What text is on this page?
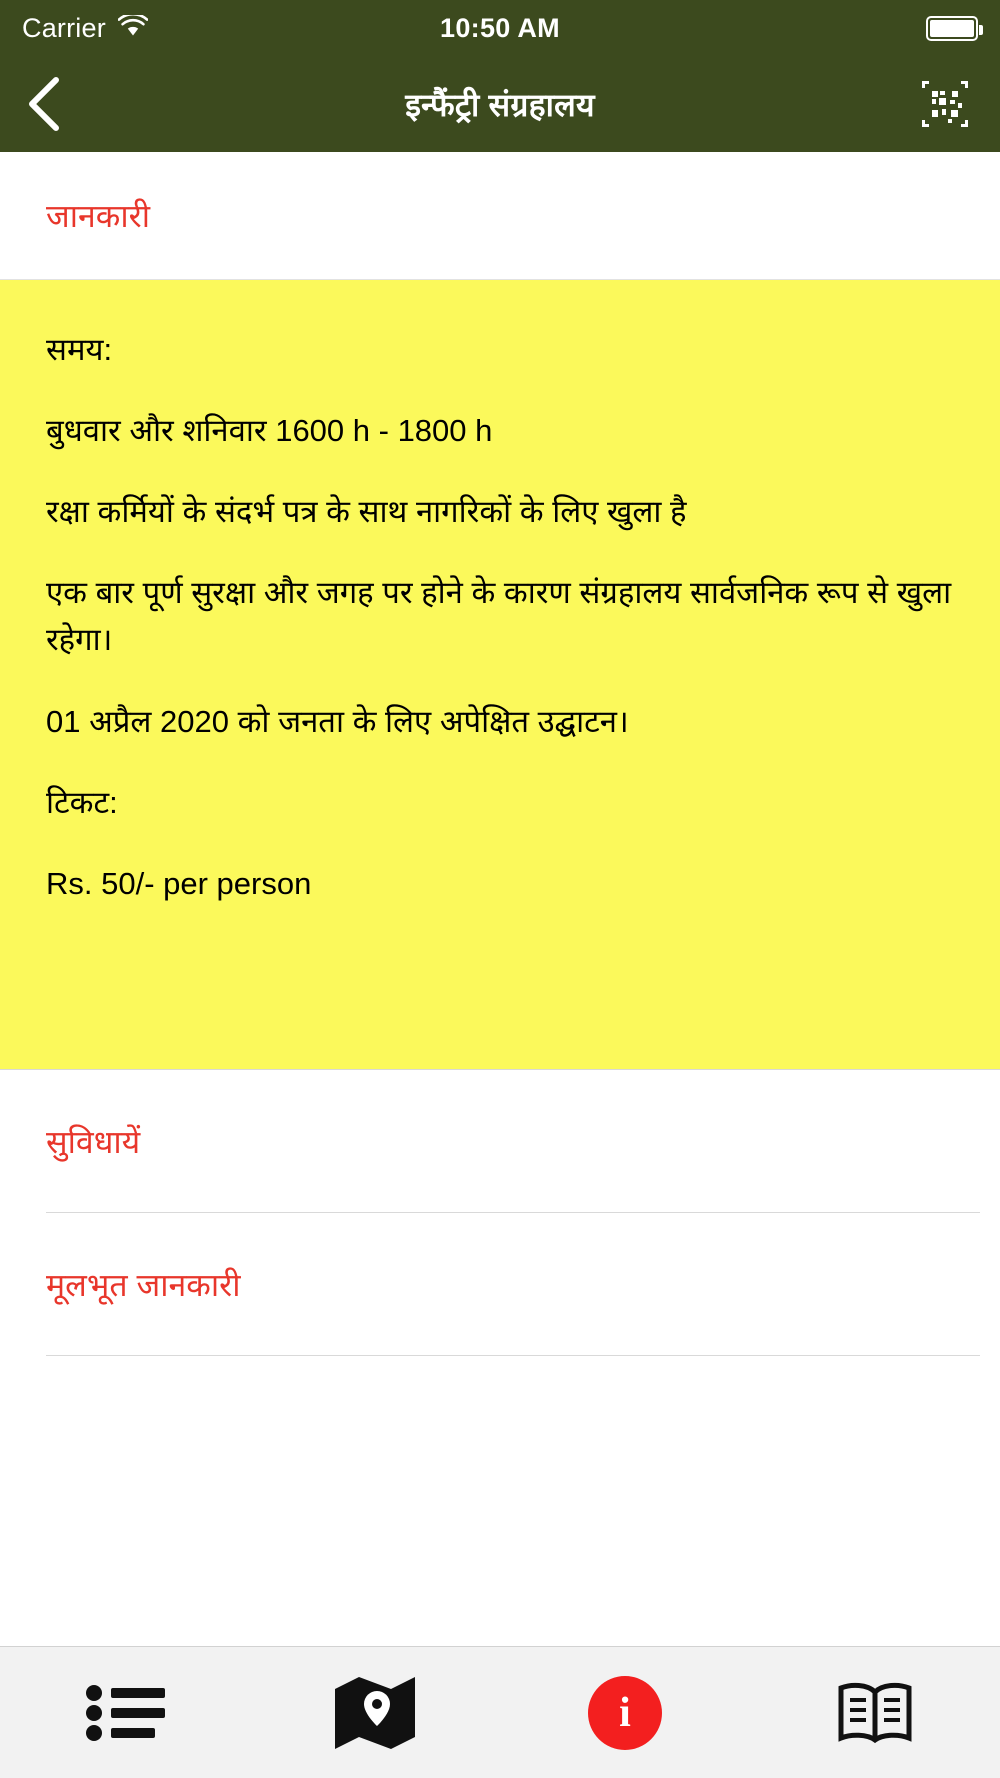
Carrier	10:50 AM
इन्फैंट्री संग्रहालय
जानकारी
समय:
बुधवार और शनिवार 1600 h - 1800 h
रक्षा कर्मियों के संदर्भ पत्र के साथ नागरिकों के लिए खुला है
एक बार पूर्ण सुरक्षा और जगह पर होने के कारण संग्रहालय सार्वजनिक रूप से खुला रहेगा।
01 अप्रैल 2020 को जनता के लिए अपेक्षित उद्घाटन।
टिकट:
Rs. 50/- per person
सुविधायें
मूलभूत जानकारी
i
